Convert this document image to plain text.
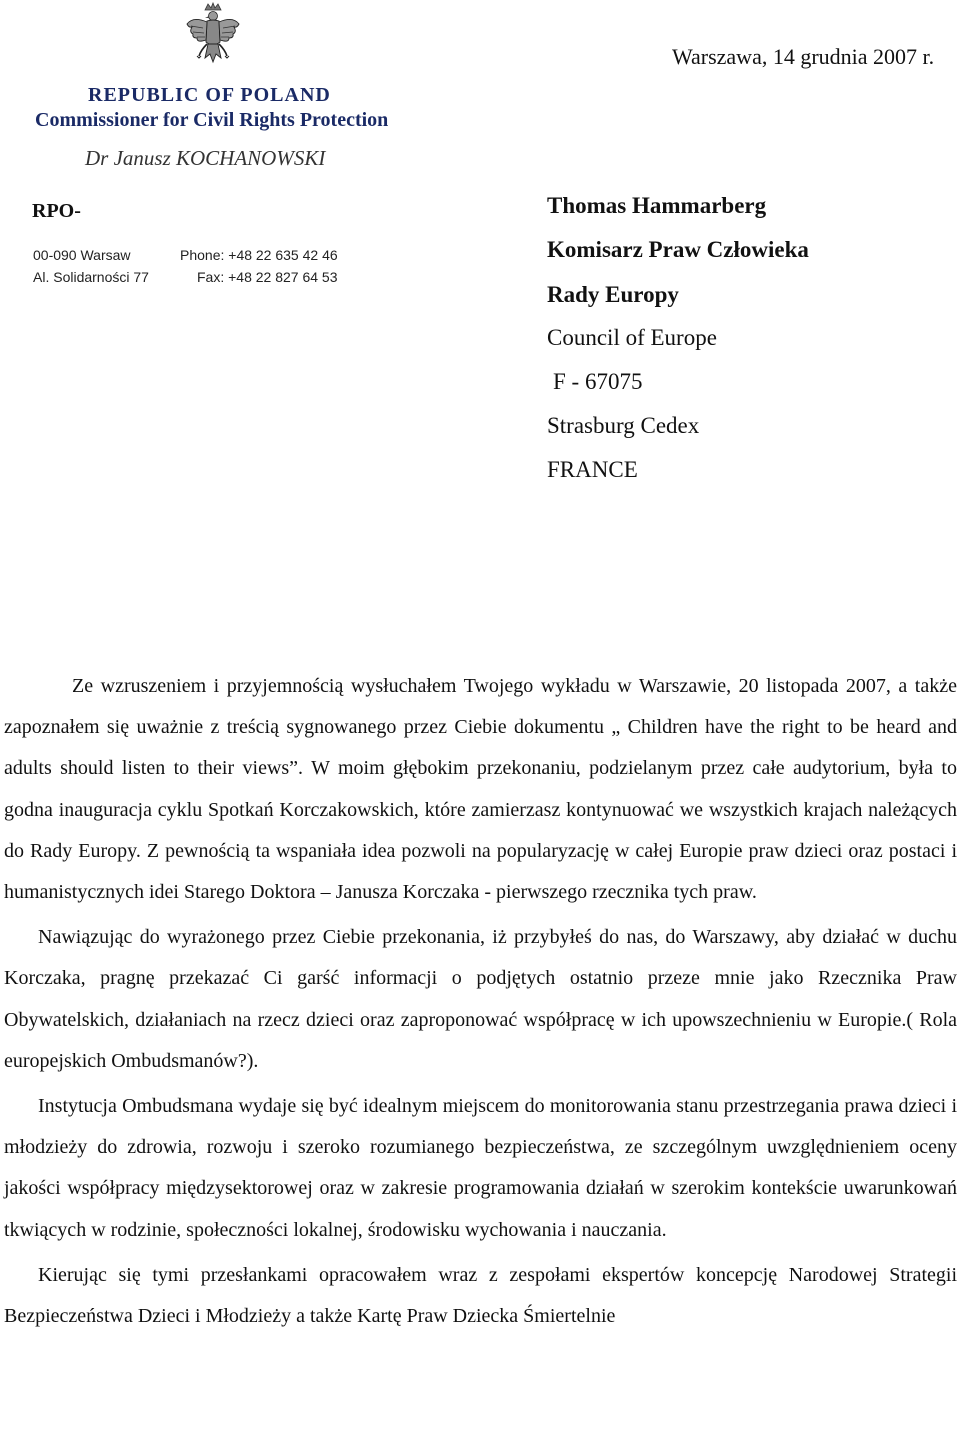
REPUBLIC OF POLAND
Commissioner for Civil Rights Protection
Dr Janusz KOCHANOWSKI
RPO-
00-090 Warsaw
Al. Solidarności 77
Phone: +48 22 635 42 46
Fax: +48 22 827 64 53
Warszawa, 14 grudnia 2007 r.
Thomas Hammarberg
Komisarz Praw Człowieka
Rady Europy
Council of Europe
F - 67075
Strasburg Cedex
FRANCE

Ze wzruszeniem i przyjemnością wysłuchałem Twojego wykładu w Warszawie, 20 listopada 2007, a także zapoznałem się uważnie z treścią sygnowanego przez Ciebie dokumentu „ Children have the right to be heard and adults should listen to their views”. W moim głębokim przekonaniu, podzielanym przez całe audytorium, była to godna inauguracja cyklu Spotkań Korczakowskich, które zamierzasz kontynuować we wszystkich krajach należących do Rady Europy. Z pewnością ta wspaniała idea pozwoli na popularyzację w całej Europie praw dzieci oraz postaci i humanistycznych idei Starego Doktora – Janusza Korczaka - pierwszego rzecznika tych praw.

Nawiązując do wyrażonego przez Ciebie przekonania, iż przybyłeś do nas, do Warszawy, aby działać w duchu Korczaka, pragnę przekazać Ci garść informacji o podjętych ostatnio przeze mnie jako Rzecznika Praw Obywatelskich, działaniach na rzecz dzieci oraz zaproponować współpracę w ich upowszechnieniu w Europie.( Rola europejskich Ombudsmanów?).

Instytucja Ombudsmana wydaje się być idealnym miejscem do monitorowania stanu przestrzegania prawa dzieci i młodzieży do zdrowia, rozwoju i szeroko rozumianego bezpieczeństwa, ze szczególnym uwzględnieniem oceny jakości współpracy międzysektorowej oraz w zakresie programowania działań w szerokim kontekście uwarunkowań tkwiących w rodzinie, społeczności lokalnej, środowisku wychowania i nauczania.

Kierując się tymi przesłankami opracowałem wraz z zespołami ekspertów koncepcję Narodowej Strategii Bezpieczeństwa Dzieci i Młodzieży a także Kartę Praw Dziecka Śmiertelnie
